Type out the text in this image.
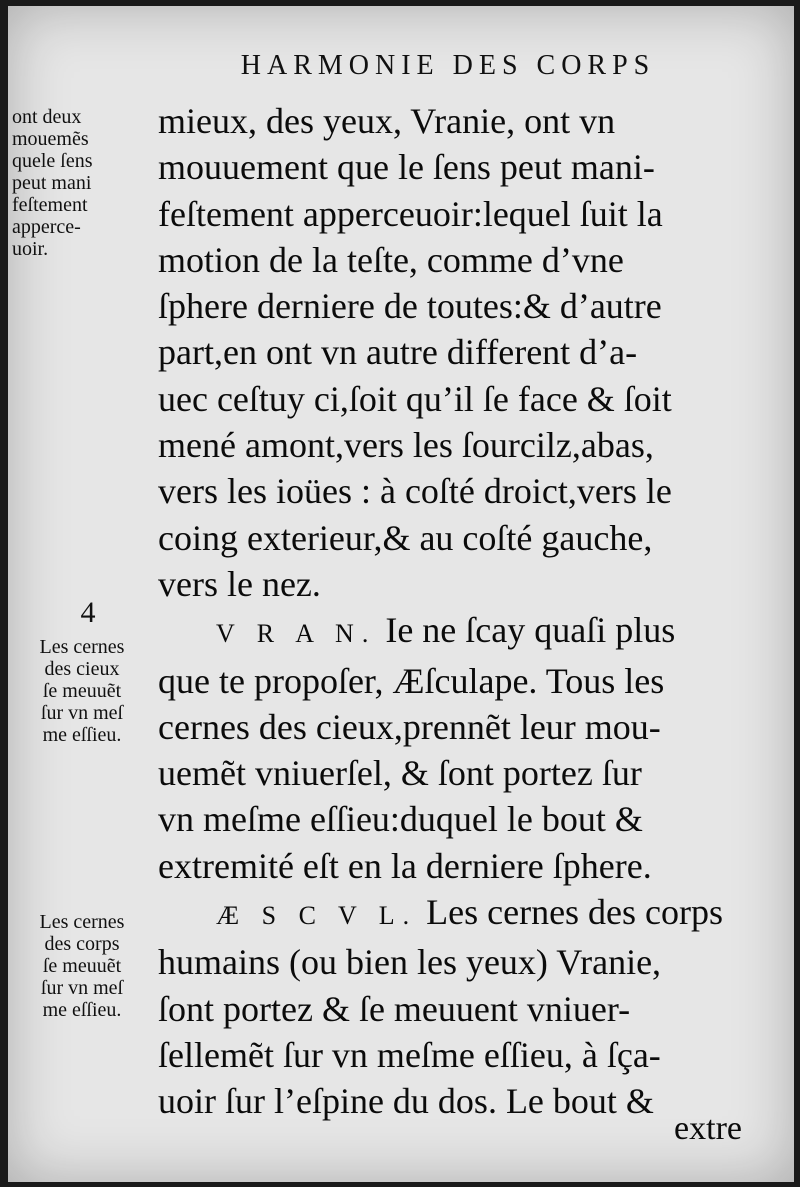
HARMONIE DES CORPS
ont deux
mouemẽs
quele ſens
peut mani
feſtement
apperce-
uoir.
4
Les cernes
des cieux
ſe meuuẽt
ſur vn meſ
me eſſieu.
Les cernes
des corps
ſe meuuẽt
ſur vn meſ
me eſſieu.
mieux, des yeux, Vranie, ont vn
mouuement que le ſens peut mani-
feſtement apperceuoir:lequel ſuit la
motion de la teſte, comme d’vne
ſphere derniere de toutes:& d’autre
part,en ont vn autre different d’a-
uec ceſtuy ci,ſoit qu’il ſe face & ſoit
mené amont,vers les ſourcilz,abas,
vers les ioües : à coſté droict,vers le
coing exterieur,& au coſté gauche,
vers le nez.
V R A N. Ie ne ſcay quaſi plus
que te propoſer, Æſculape. Tous les
cernes des cieux,prennẽt leur mou-
uemẽt vniuerſel, & ſont portez ſur
vn meſme eſſieu:duquel le bout &
extremité eſt en la derniere ſphere.
Æ S C V L. Les cernes des corps
humains (ou bien les yeux) Vranie,
ſont portez & ſe meuuent vniuer-
ſellemẽt ſur vn meſme eſſieu, à ſça-
uoir ſur l’eſpine du dos. Le bout &
extre
